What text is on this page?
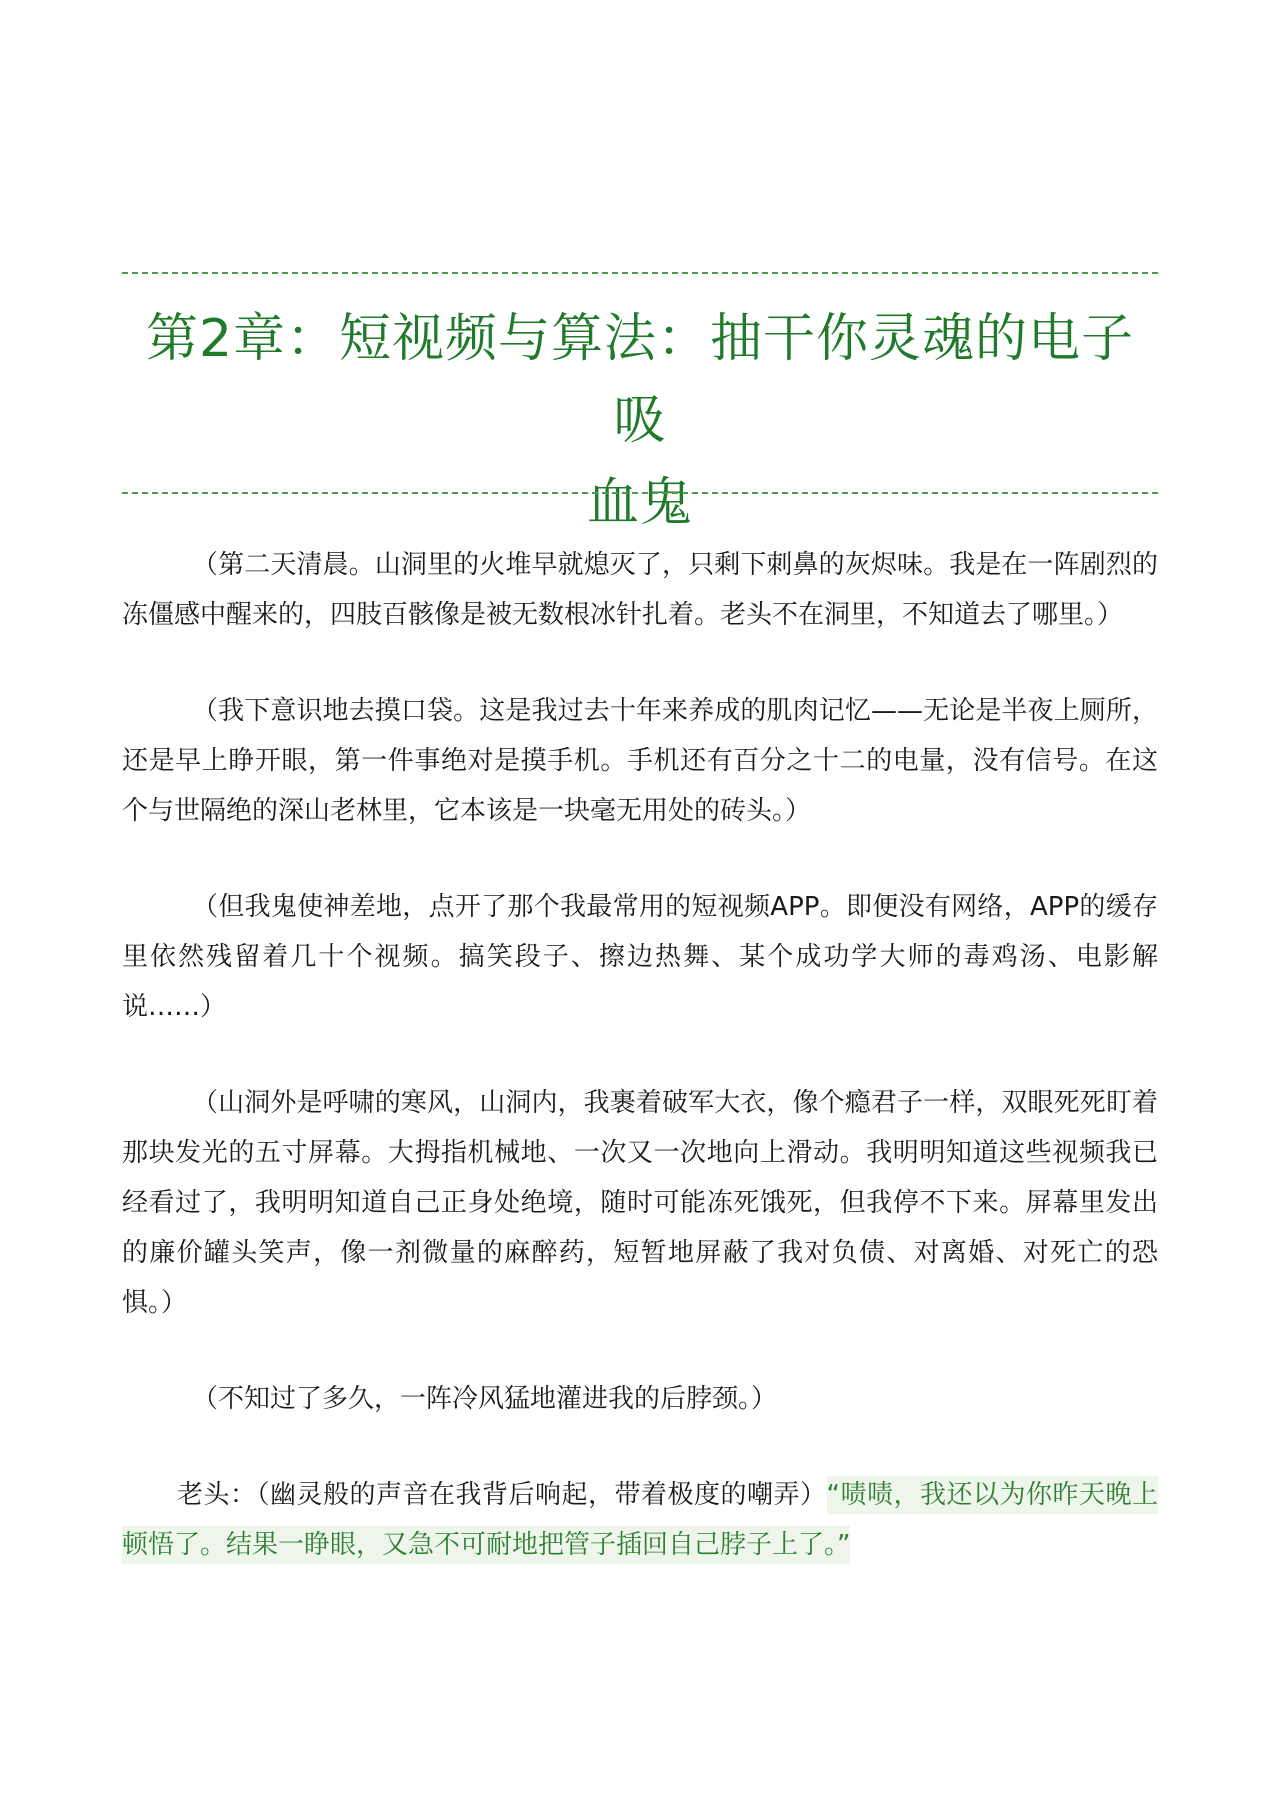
第2章：短视频与算法：抽干你灵魂的电子吸
血鬼

（第二天清晨。山洞里的火堆早就熄灭了，只剩下刺鼻的灰烬味。我是在一阵剧烈的冻僵感中醒来的，四肢百骸像是被无数根冰针扎着。老头不在洞里，不知道去了哪里。）

（我下意识地去摸口袋。这是我过去十年来养成的肌肉记忆——无论是半夜上厕所，还是早上睁开眼，第一件事绝对是摸手机。手机还有百分之十二的电量，没有信号。在这个与世隔绝的深山老林里，它本该是一块毫无用处的砖头。）

（但我鬼使神差地，点开了那个我最常用的短视频APP。即便没有网络，APP的缓存里依然残留着几十个视频。搞笑段子、擦边热舞、某个成功学大师的毒鸡汤、电影解说……）

（山洞外是呼啸的寒风，山洞内，我裹着破军大衣，像个瘾君子一样，双眼死死盯着那块发光的五寸屏幕。大拇指机械地、一次又一次地向上滑动。我明明知道这些视频我已经看过了，我明明知道自己正身处绝境，随时可能冻死饿死，但我停不下来。屏幕里发出的廉价罐头笑声，像一剂微量的麻醉药，短暂地屏蔽了我对负债、对离婚、对死亡的恐惧。）

（不知过了多久，一阵冷风猛地灌进我的后脖颈。）

老头：（幽灵般的声音在我背后响起，带着极度的嘲弄）“啧啧，我还以为你昨天晚上顿悟了。结果一睁眼，又急不可耐地把管子插回自己脖子上了。”
